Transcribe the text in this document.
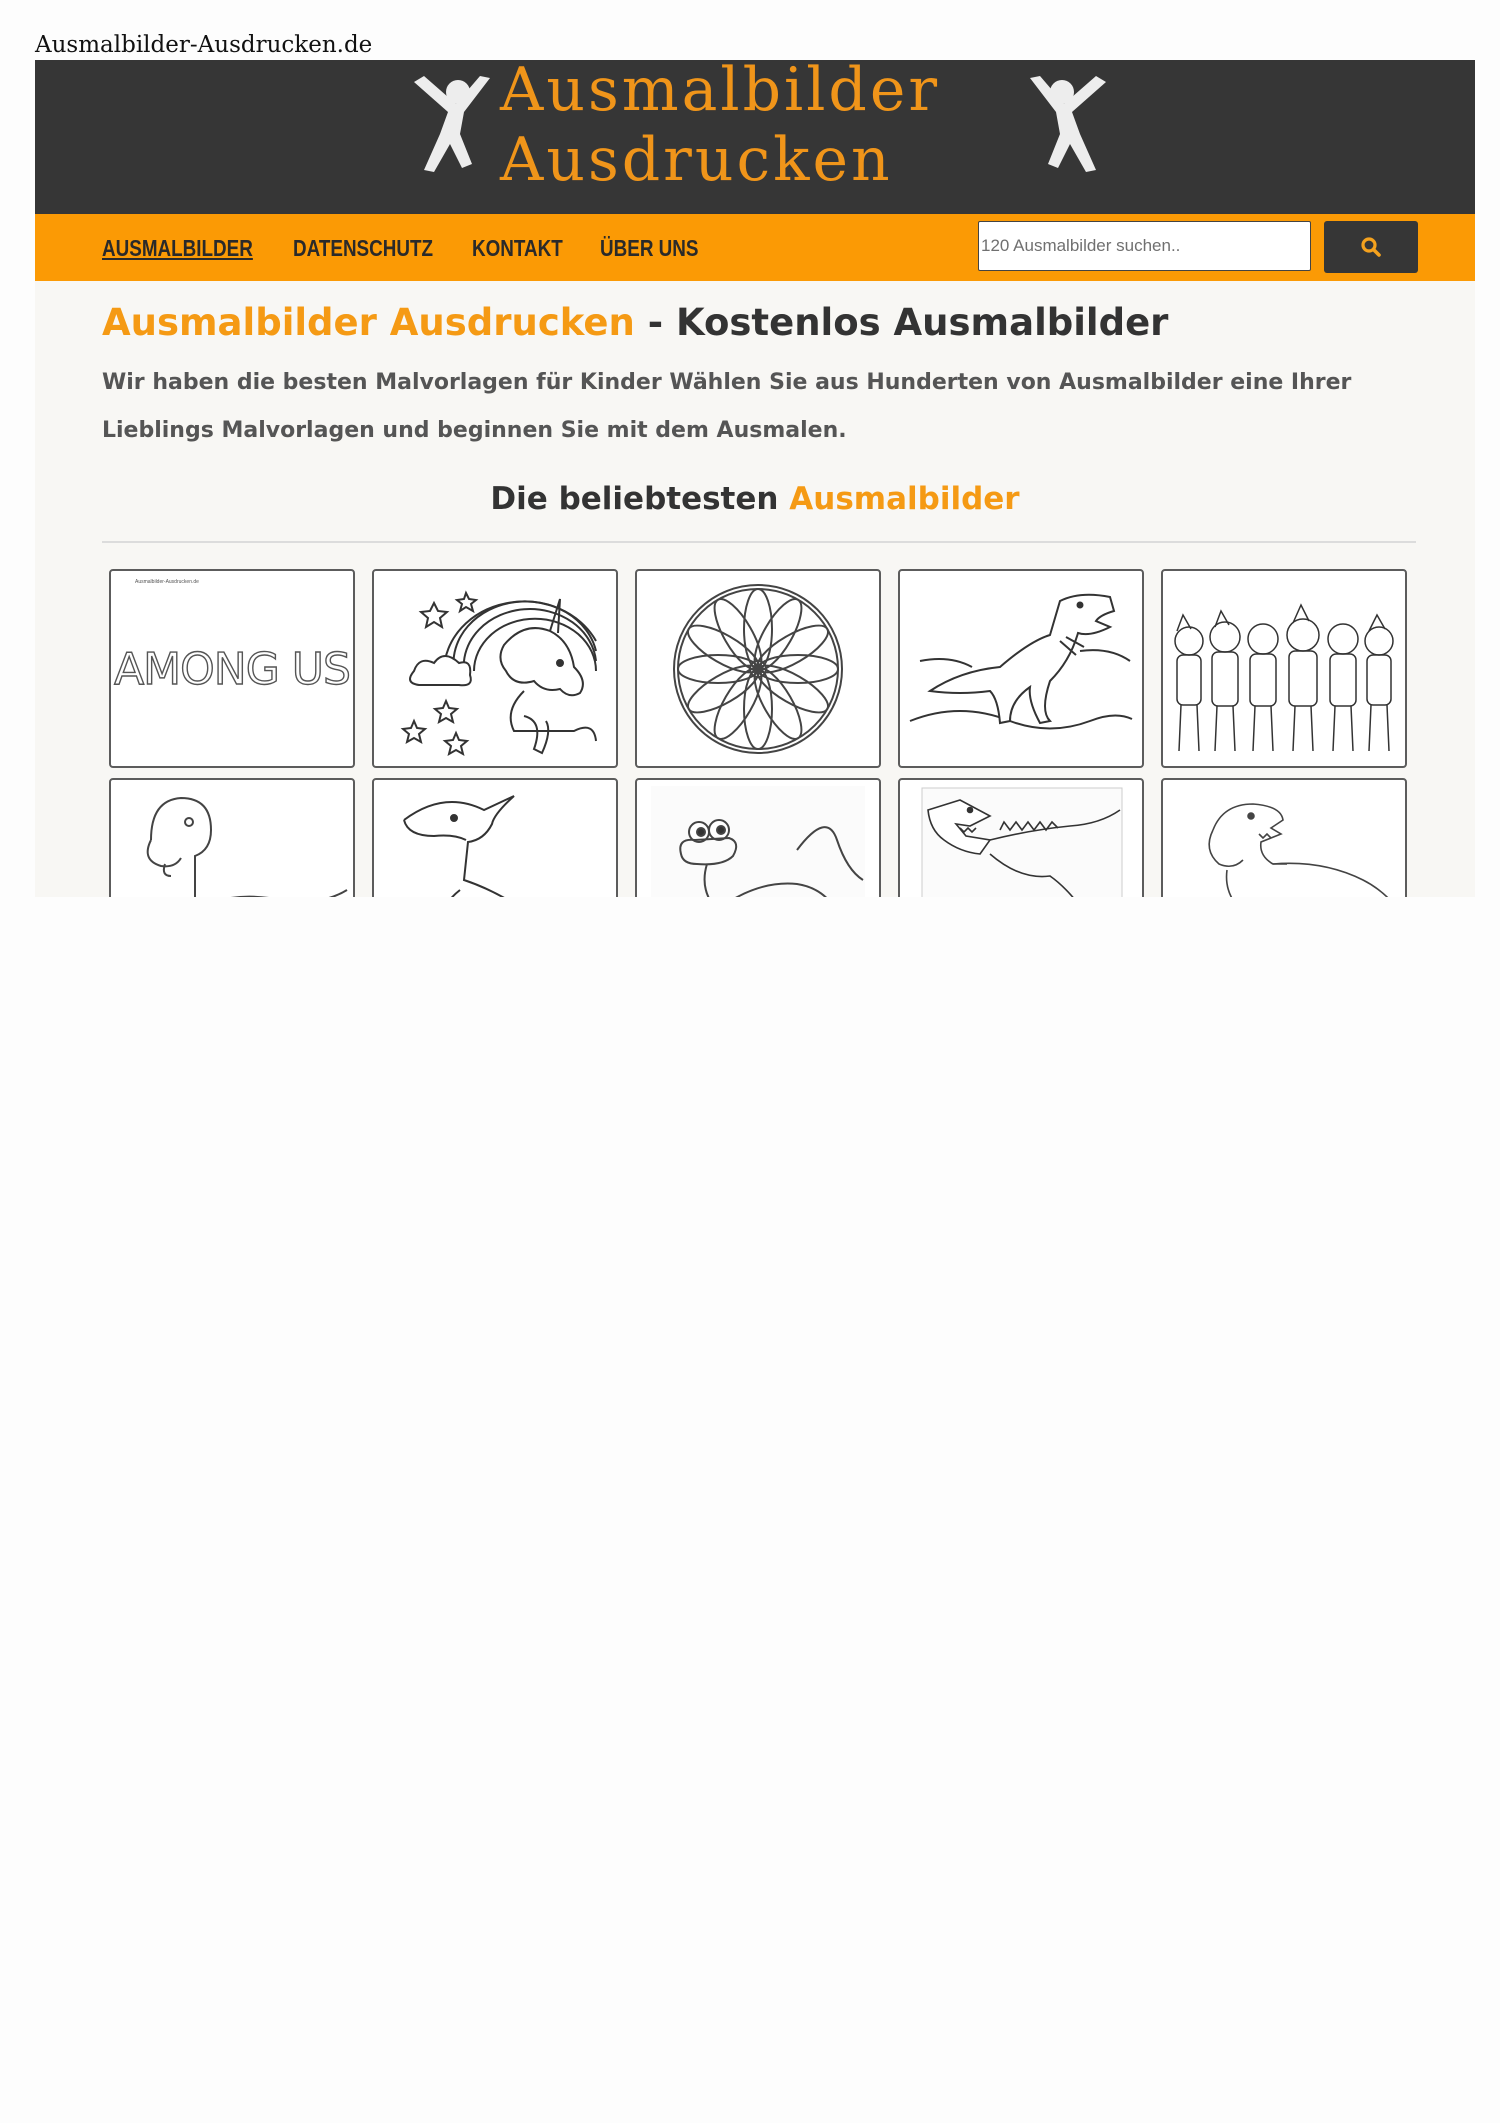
Ausmalbilder-Ausdrucken.de
Ausmalbilder Ausdrucken
AUSMALBILDER DATENSCHUTZ KONTAKT ÜBER UNS
120 Ausmalbilder suchen..
Ausmalbilder Ausdrucken - Kostenlos Ausmalbilder

Wir haben die besten Malvorlagen für Kinder Wählen Sie aus Hunderten von Ausmalbilder eine Ihrer Lieblings Malvorlagen und beginnen Sie mit dem Ausmalen.

Die beliebtesten Ausmalbilder
Ausmalbilder-Ausdrucken.de
AMONG US
